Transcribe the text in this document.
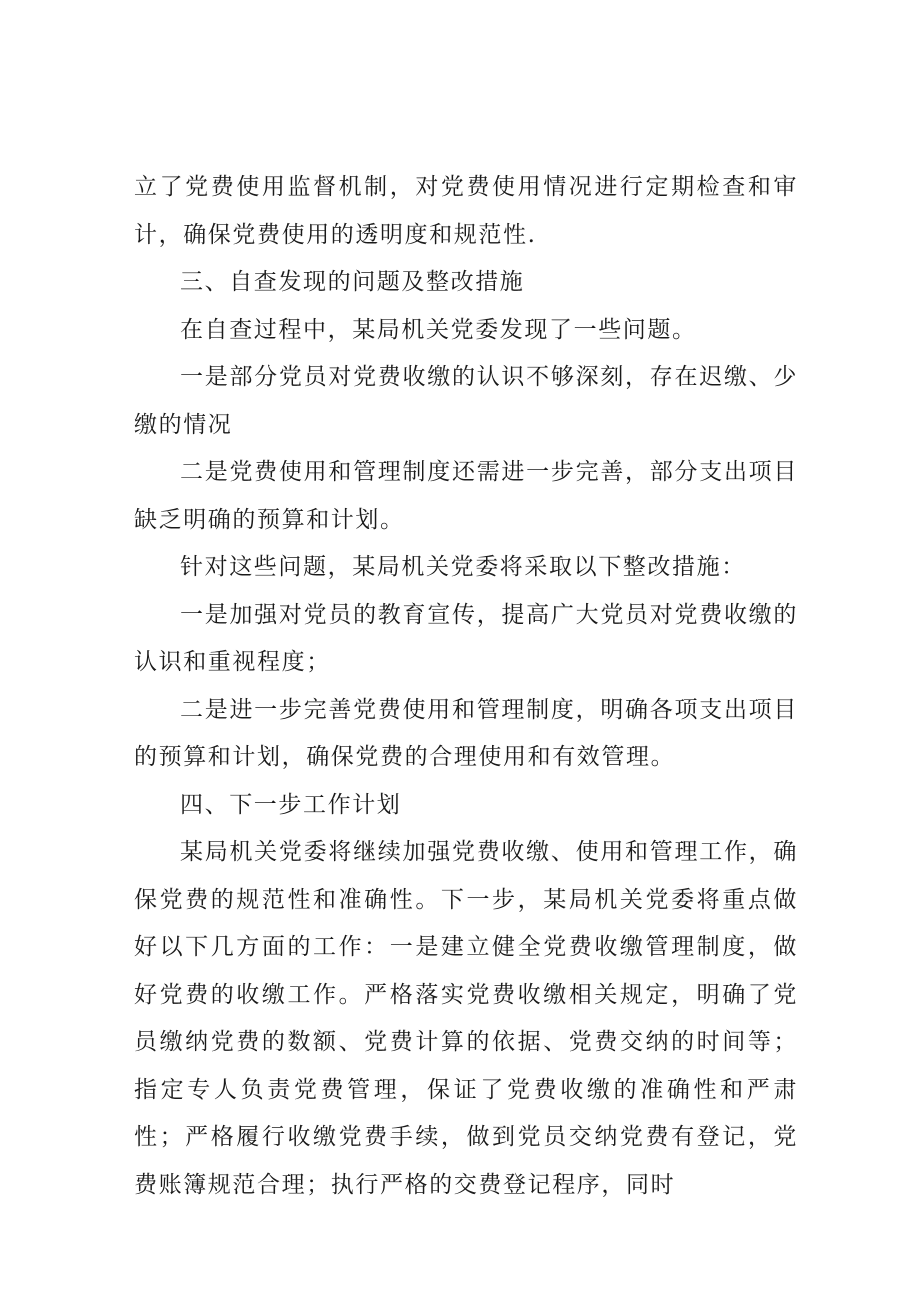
立了党费使用监督机制，对党费使用情况进行定期检查和审计，确保党费使用的透明度和规范性.

三、自查发现的问题及整改措施

在自查过程中，某局机关党委发现了一些问题。

一是部分党员对党费收缴的认识不够深刻，存在迟缴、少缴的情况

二是党费使用和管理制度还需进一步完善，部分支出项目缺乏明确的预算和计划。

针对这些问题，某局机关党委将采取以下整改措施：

一是加强对党员的教育宣传，提高广大党员对党费收缴的认识和重视程度；

二是进一步完善党费使用和管理制度，明确各项支出项目的预算和计划，确保党费的合理使用和有效管理。

四、下一步工作计划

某局机关党委将继续加强党费收缴、使用和管理工作，确保党费的规范性和准确性。下一步，某局机关党委将重点做好以下几方面的工作：一是建立健全党费收缴管理制度，做好党费的收缴工作。严格落实党费收缴相关规定，明确了党员缴纳党费的数额、党费计算的依据、党费交纳的时间等；指定专人负责党费管理，保证了党费收缴的准确性和严肃性；严格履行收缴党费手续，做到党员交纳党费有登记，党费账簿规范合理；执行严格的交费登记程序，同时
